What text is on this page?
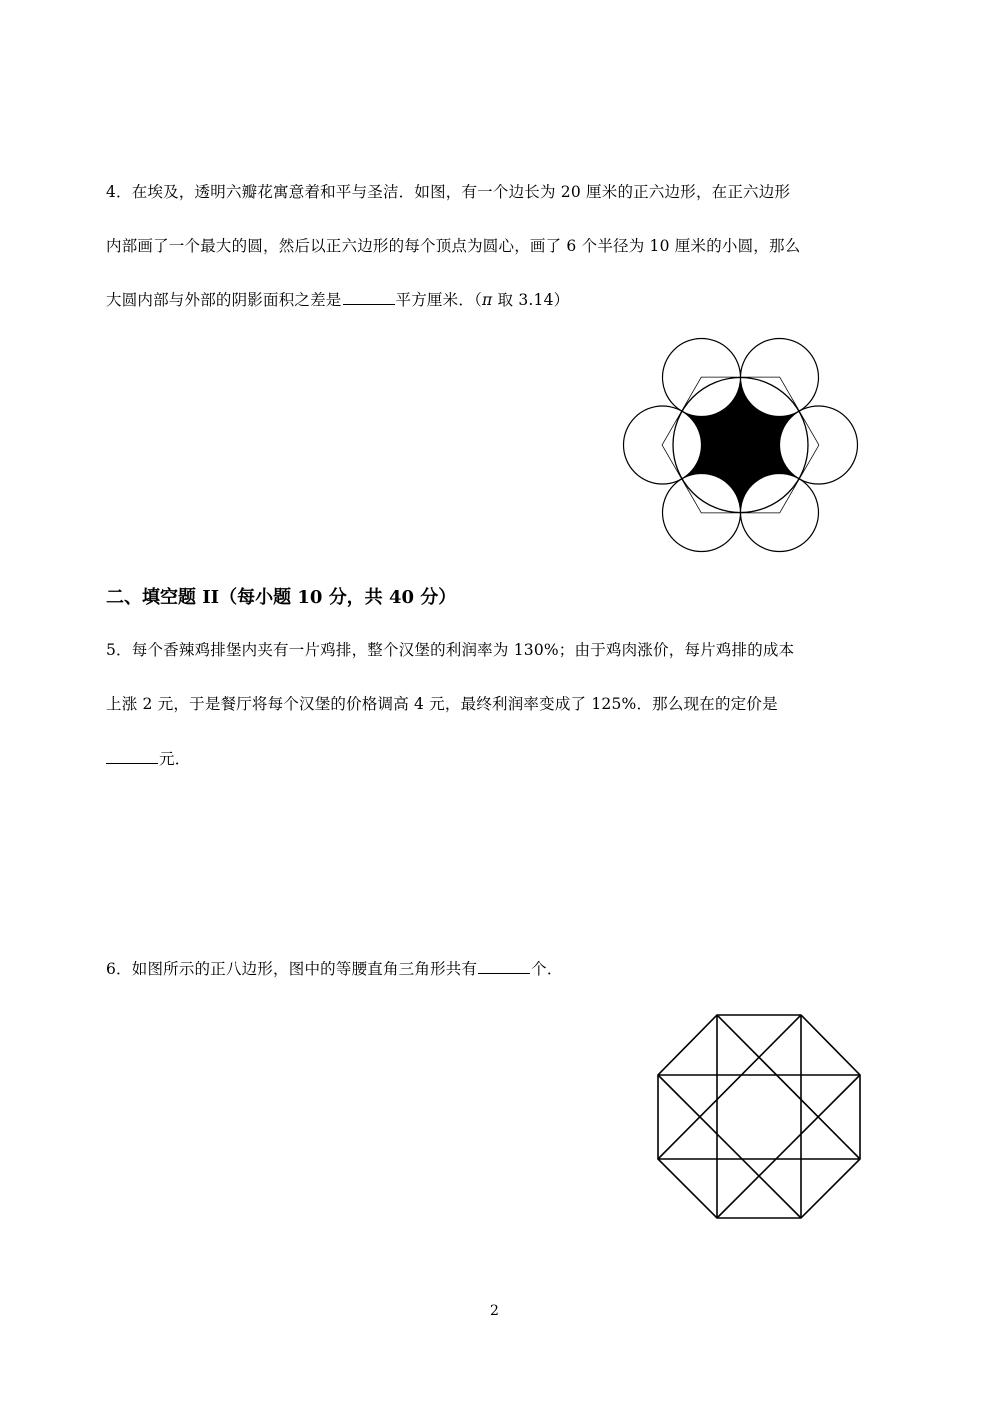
4．在埃及，透明六瓣花寓意着和平与圣洁．如图，有一个边长为 20 厘米的正六边形，在正六边形
内部画了一个最大的圆，然后以正六边形的每个顶点为圆心，画了 6 个半径为 10 厘米的小圆，那么
大圆内部与外部的阴影面积之差是	平方厘米．（π 取 3.14）
二、填空题 II（每小题 10 分，共 40 分）
5．每个香辣鸡排堡内夹有一片鸡排，整个汉堡的利润率为 130%；由于鸡肉涨价，每片鸡排的成本
上涨 2 元，于是餐厅将每个汉堡的价格调高 4 元，最终利润率变成了 125%．那么现在的定价是
元．
6．如图所示的正八边形，图中的等腰直角三角形共有	个．
2
